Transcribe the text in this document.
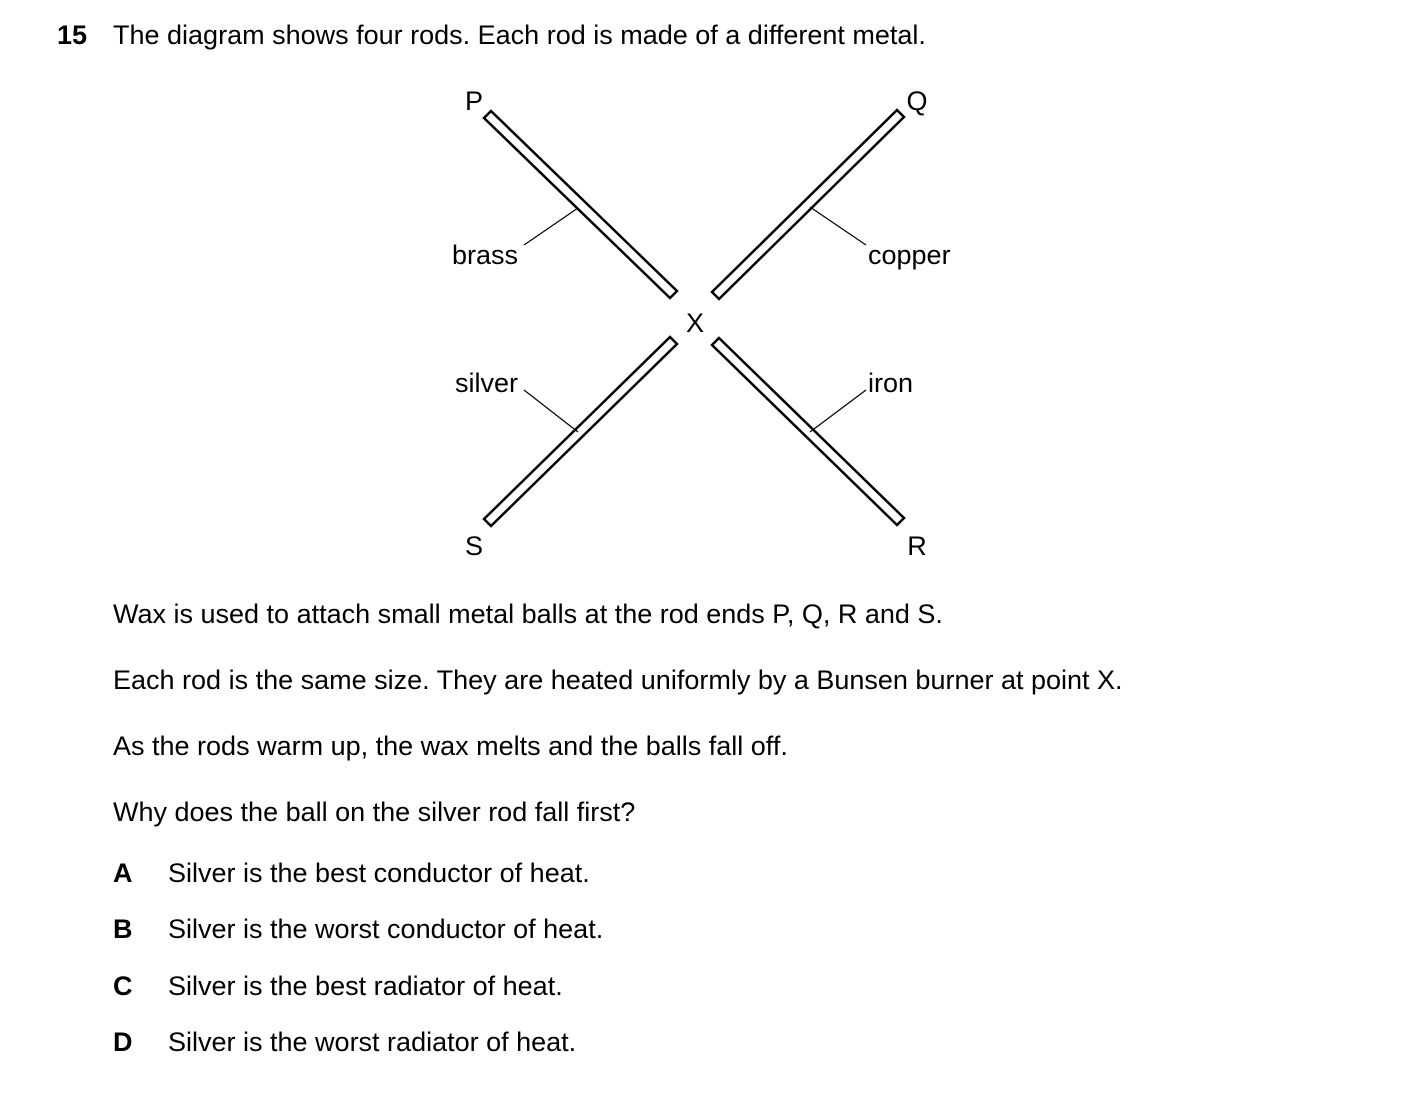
15 The diagram shows four rods. Each rod is made of a different metal.
P	Q
S	R
X
brass	copper
silver	iron
Wax is used to attach small metal balls at the rod ends P, Q, R and S.
Each rod is the same size. They are heated uniformly by a Bunsen burner at point X.
As the rods warm up, the wax melts and the balls fall off.
Why does the ball on the silver rod fall first?
A Silver is the best conductor of heat.
B Silver is the worst conductor of heat.
C Silver is the best radiator of heat.
D Silver is the worst radiator of heat.
